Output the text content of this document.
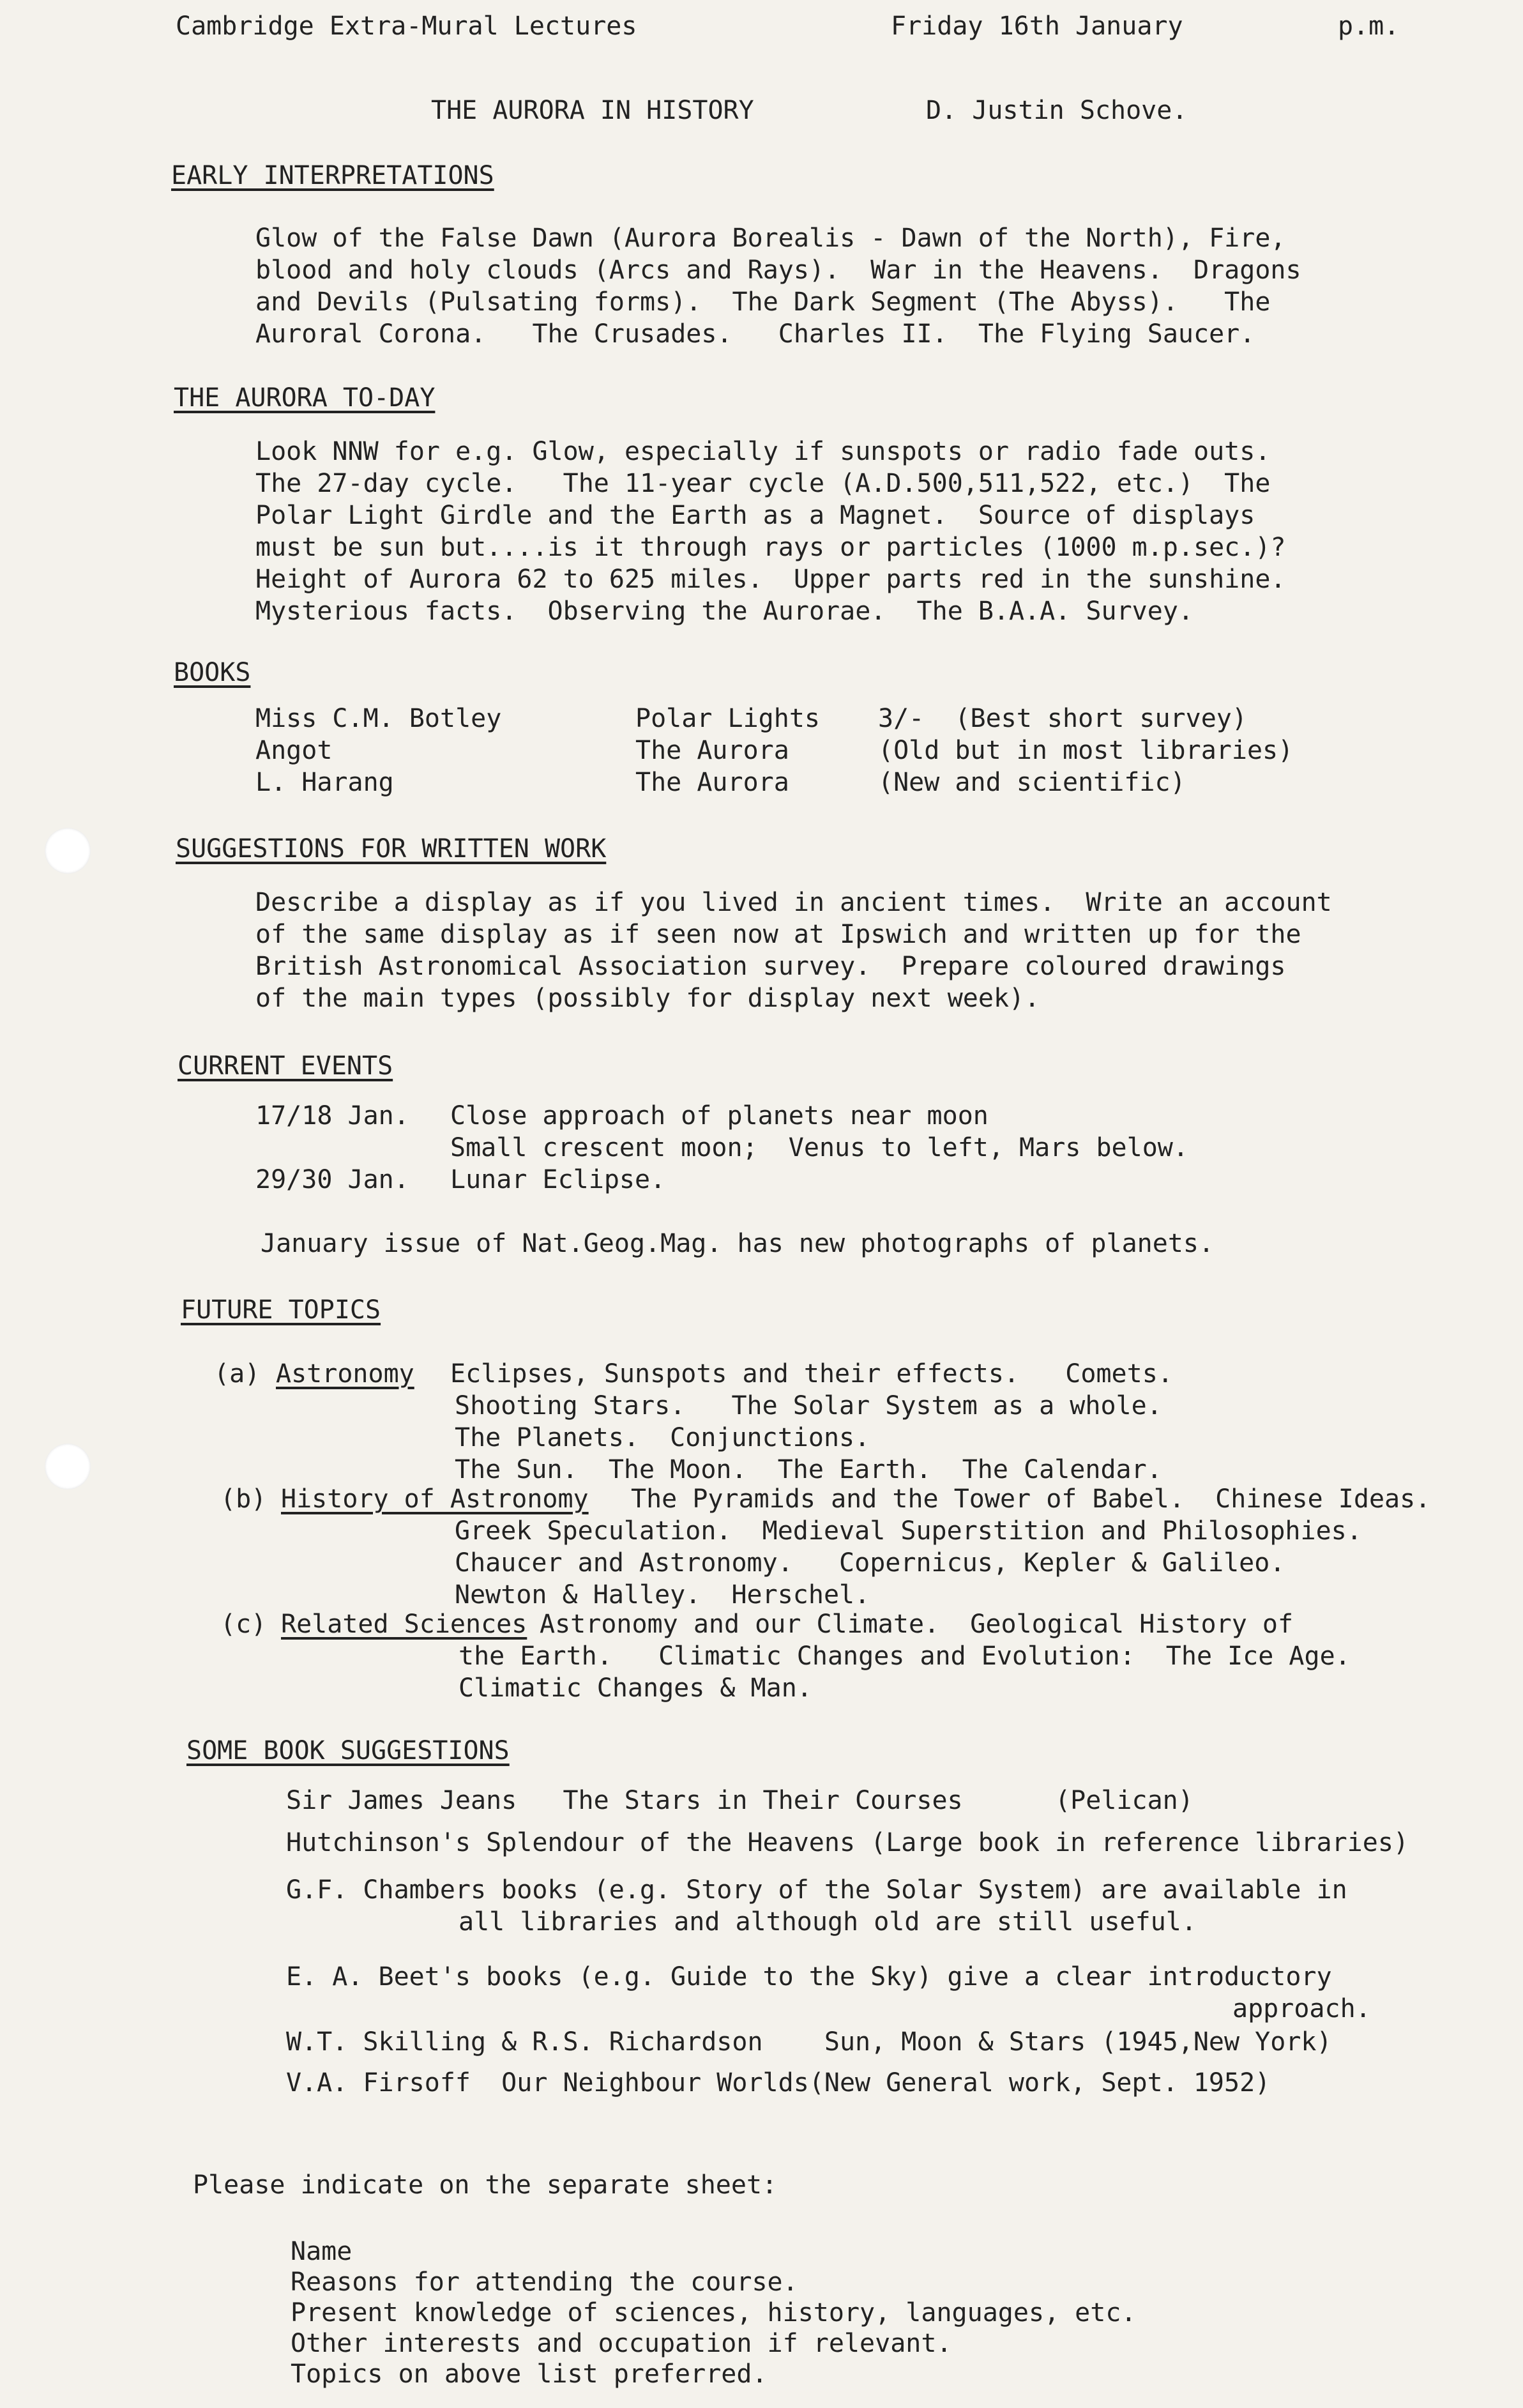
Cambridge Extra-Mural Lectures	Friday 16th January	p.m.
THE AURORA IN HISTORY	D. Justin Schove.
EARLY INTERPRETATIONS
Glow of the False Dawn (Aurora Borealis - Dawn of the North), Fire,
blood and holy clouds (Arcs and Rays).  War in the Heavens.  Dragons
and Devils (Pulsating forms).  The Dark Segment (The Abyss).   The
Auroral Corona.   The Crusades.   Charles II.  The Flying Saucer.
THE AURORA TO-DAY
Look NNW for e.g. Glow, especially if sunspots or radio fade outs.
The 27-day cycle.   The 11-year cycle (A.D.500,511,522, etc.)  The
Polar Light Girdle and the Earth as a Magnet.  Source of displays
must be sun but....is it through rays or particles (1000 m.p.sec.)?
Height of Aurora 62 to 625 miles.  Upper parts red in the sunshine.
Mysterious facts.  Observing the Aurorae.  The B.A.A. Survey.
BOOKS
Miss C.M. Botley	Polar Lights 3/-  (Best short survey)
Angot	The Aurora	(Old but in most libraries)
L. Harang	The Aurora	(New and scientific)
SUGGESTIONS FOR WRITTEN WORK
Describe a display as if you lived in ancient times.  Write an account
of the same display as if seen now at Ipswich and written up for the
British Astronomical Association survey.  Prepare coloured drawings
of the main types (possibly for display next week).
CURRENT EVENTS
17/18 Jan. Close approach of planets near moon
Small crescent moon;  Venus to left, Mars below.
29/30 Jan. Lunar Eclipse.
January issue of Nat.Geog.Mag. has new photographs of planets.
FUTURE TOPICS
(a) Astronomy Eclipses, Sunspots and their effects.   Comets.
Shooting Stars.   The Solar System as a whole.
The Planets.  Conjunctions.
The Sun.  The Moon.  The Earth.  The Calendar.
(b) History of Astronomy The Pyramids and the Tower of Babel.  Chinese Ideas.
Greek Speculation.  Medieval Superstition and Philosophies.
Chaucer and Astronomy.   Copernicus, Kepler & Galileo.
Newton & Halley.  Herschel.
(c) Related Sciences Astronomy and our Climate.  Geological History of
the Earth.   Climatic Changes and Evolution:  The Ice Age.
Climatic Changes & Man.
SOME BOOK SUGGESTIONS
Sir James Jeans   The Stars in Their Courses      (Pelican)
Hutchinson's Splendour of the Heavens (Large book in reference libraries)
G.F. Chambers books (e.g. Story of the Solar System) are available in
all libraries and although old are still useful.
E. A. Beet's books (e.g. Guide to the Sky) give a clear introductory
approach.
W.T. Skilling & R.S. Richardson    Sun, Moon & Stars (1945,New York)
V.A. Firsoff  Our Neighbour Worlds(New General work, Sept. 1952)
Please indicate on the separate sheet:
Name
Reasons for attending the course.
Present knowledge of sciences, history, languages, etc.
Other interests and occupation if relevant.
Topics on above list preferred.
